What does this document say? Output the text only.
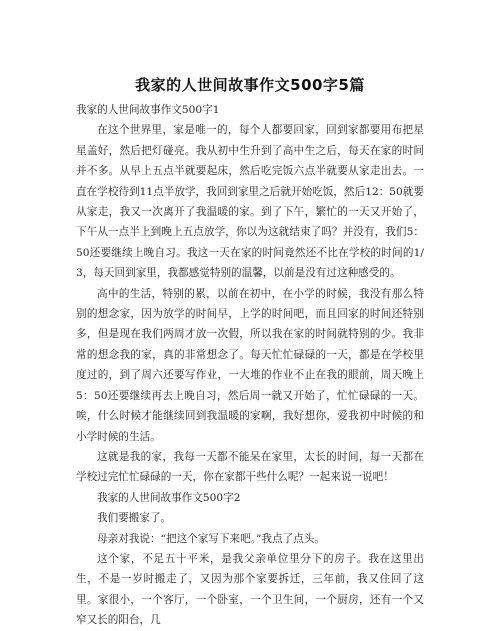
我家的人世间故事作文500字5篇

我家的人世间故事作文500字1

在这个世界里，家是唯一的，每个人都要回家，回到家都要用布把星星盖好，然后把灯碰亮。我从初中生升到了高中生之后，每天在家的时间并不多。从早上五点半就要起床，然后吃完饭六点半就要从家走出去。一直在学校待到11点半放学，我回到家里之后就开始吃饭，然后12：50就要从家走，我又一次离开了我温暖的家。到了下午，繁忙的一天又开始了，下午从一点半上到晚上五点放学，你以为这就结束了吗？并没有，我们5：50还要继续上晚自习。我这一天在家的时间竟然还不比在学校的时间的1/3，每天回到家里，我都感觉特别的温馨，以前是没有过这种感受的。

高中的生活，特别的累，以前在初中，在小学的时候，我没有那么特别的想念家，因为放学的时间早，上学的时间吧，而且回家的时间还特别多，但是现在我们两周才放一次假，所以我在家的时间就特别的少。我非常的想念我的家，真的非常想念了。每天忙忙碌碌的一天，都是在学校里度过的，到了周六还要写作业，一大堆的作业不止在我的眼前，周天晚上5：50还要继续再去上晚自习，然后周一就又开始了，忙忙碌碌的一天。唉，什么时候才能继续回到我温暖的家啊，我好想你，爱我初中时候的和小学时候的生活。

这就是我的家，我每一天都不能呆在家里，太长的时间，每一天都在学校过完忙忙碌碌的一天，你在家都干些什么呢？一起来说一说吧！

我家的人世间故事作文500字2

我们要搬家了。

母亲对我说：“把这个家写下来吧。”我点了点头。

这个家，不足五十平米，是我父亲单位里分下的房子。我在这里出生，不是一岁时搬走了，又因为那个家要拆迁，三年前，我又住回了这里。家很小，一个客厅，一个卧室，一个卫生间，一个厨房，还有一个又窄又长的阳台，几
